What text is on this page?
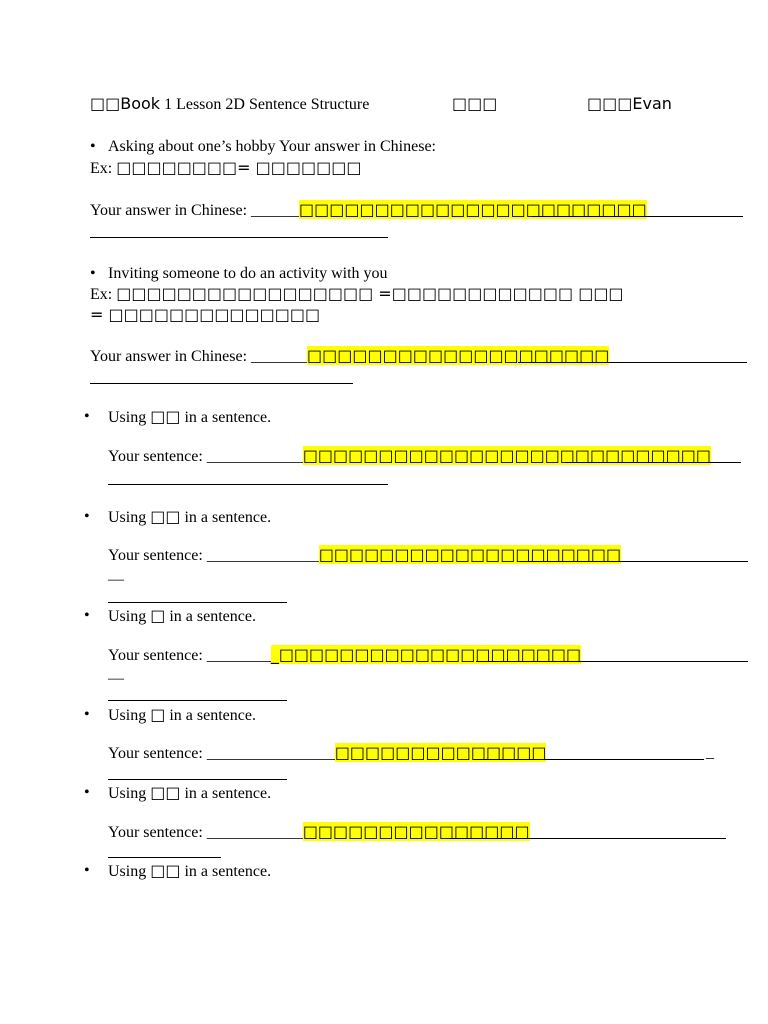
□□Book 1 Lesson 2D Sentence Structure	□□□	□□□Evan
• Asking about one’s hobby Your answer in Chinese:
Ex: □□□□□□□□= □□□□□□□
Your answer in Chinese: ______□□□□□□□□□□□□□□□□□□□□□□□
• Inviting someone to do an activity with you
Ex: □□□□□□□□□□□□□□□□□ =□□□□□□□□□□□□ □□□
= □□□□□□□□□□□□□□
Your answer in Chinese: _______□□□□□□□□□□□□□□□□□□□□
• Using □□ in a sentence.
Your sentence: ____________□□□□□□□□□□□□□□□□□□□□□□□□□□□
• Using □□ in a sentence.
Your sentence: ______________□□□□□□□□□□□□□□□□□□□□
—
• Using □ in a sentence.
Your sentence: _________□□□□□□□□□□□□□□□□□□□□
—
• Using □ in a sentence.
Your sentence: ________________□□□□□□□□□□□□□□	_
• Using □□ in a sentence.
Your sentence: ____________□□□□□□□□□□□□□□□
• Using □□ in a sentence.
